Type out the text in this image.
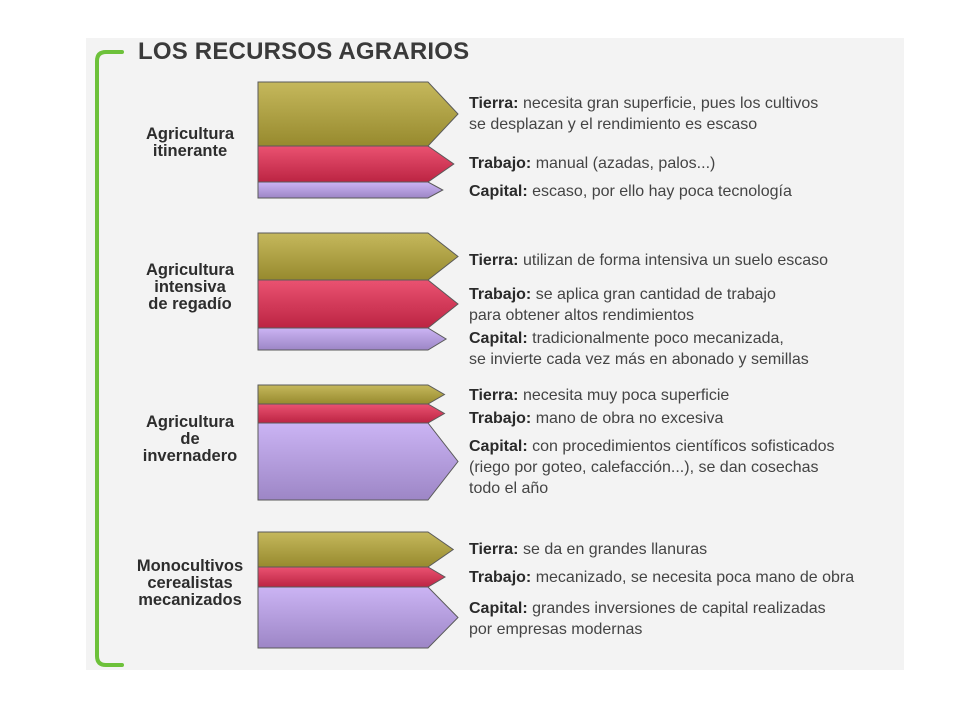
LOS RECURSOS AGRARIOS
Agricultura
itinerante
Tierra: necesita gran superficie, pues los cultivos
se desplazan y el rendimiento es escaso
Trabajo: manual (azadas, palos...)
Capital: escaso, por ello hay poca tecnología
Agricultura
intensiva
de regadío
Tierra: utilizan de forma intensiva un suelo escaso
Trabajo: se aplica gran cantidad de trabajo
para obtener altos rendimientos
Capital: tradicionalmente poco mecanizada,
se invierte cada vez más en abonado y semillas
Agricultura
de
invernadero
Tierra: necesita muy poca superficie
Trabajo: mano de obra no excesiva
Capital: con procedimientos científicos sofisticados
(riego por goteo, calefacción...), se dan cosechas
todo el año
Monocultivos
cerealistas
mecanizados
Tierra: se da en grandes llanuras
Trabajo: mecanizado, se necesita poca mano de obra
Capital: grandes inversiones de capital realizadas
por empresas modernas
